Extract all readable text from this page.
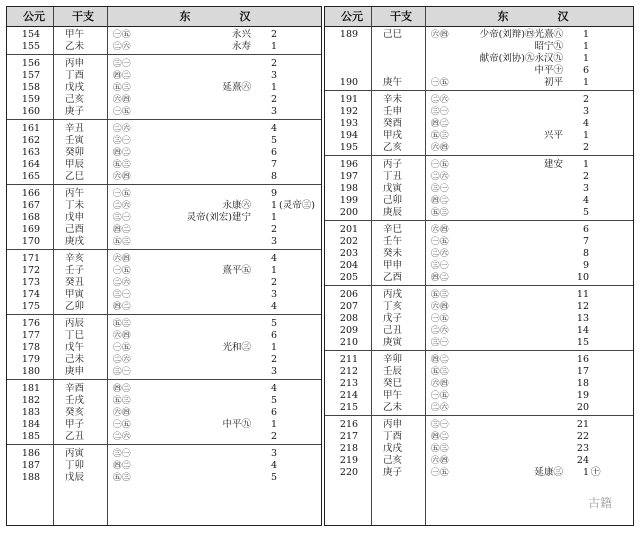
公元	干支	东	汉
154	甲午	㊀㊄	永兴	2
155	乙未	㊁㊅	永寿	1
156	丙申	㊂㊀	2
157	丁酉	㊃㊁	3
158	戊戌	㊄㊂	延熹㊅	1
159	己亥	㊅㊃	2
160	庚子	㊀㊄	3
161	辛丑	㊁㊅	4
162	壬寅	㊂㊀	5
163	癸卯	㊃㊁	6
164	甲辰	㊄㊂	7
165	乙巳	㊅㊃	8
166	丙午	㊀㊄	9
167	丁未	㊁㊅	永康㊅	1 (灵帝㊂)
168	戊申	㊂㊀	灵帝(刘宏)建宁	1
169	己酉	㊃㊁	2
170	庚戌	㊄㊂	3
171	辛亥	㊅㊃	4
172	壬子	㊀㊄	熹平㊄	1
173	癸丑	㊁㊅	2
174	甲寅	㊂㊀	3
175	乙卯	㊃㊁	4
176	丙辰	㊄㊂	5
177	丁巳	㊅㊃	6
178	戊午	㊀㊄	光和㊂	1
179	己未	㊁㊅	2
180	庚申	㊂㊀	3
181	辛酉	㊃㊁	4
182	壬戌	㊄㊂	5
183	癸亥	㊅㊃	6
184	甲子	㊀㊄	中平㊈	1
185	乙丑	㊁㊅	2
186	丙寅	㊂㊀	3
187	丁卯	㊃㊁	4
188	戊辰	㊄㊂	5
公元	干支	东	汉
189	己巳	㊅㊃	少帝(刘辩)㊃光熹㊇	1
昭宁㊈	1
献帝(刘协)㊈永汉㊈	1
中平㊉	6
190	庚午	㊀㊄	初平	1
191	辛未	㊁㊅	2
192	壬申	㊂㊀	3
193	癸酉	㊃㊁	4
194	甲戌	㊄㊂	兴平	1
195	乙亥	㊅㊃	2
196	丙子	㊀㊄	建安	1
197	丁丑	㊁㊅	2
198	戊寅	㊂㊀	3
199	己卯	㊃㊁	4
200	庚辰	㊄㊂	5
201	辛巳	㊅㊃	6
202	壬午	㊀㊄	7
203	癸未	㊁㊅	8
204	甲申	㊂㊀	9
205	乙酉	㊃㊁	10
206	丙戌	㊄㊂	11
207	丁亥	㊅㊃	12
208	戊子	㊀㊄	13
209	己丑	㊁㊅	14
210	庚寅	㊂㊀	15
211	辛卯	㊃㊁	16
212	壬辰	㊄㊂	17
213	癸巳	㊅㊃	18
214	甲午	㊀㊄	19
215	乙未	㊁㊅	20
216	丙申	㊂㊀	21
217	丁酉	㊃㊁	22
218	戊戌	㊄㊂	23
219	己亥	㊅㊃	24
220	庚子	㊀㊄	延康㊂	1 ㊉
古籍
